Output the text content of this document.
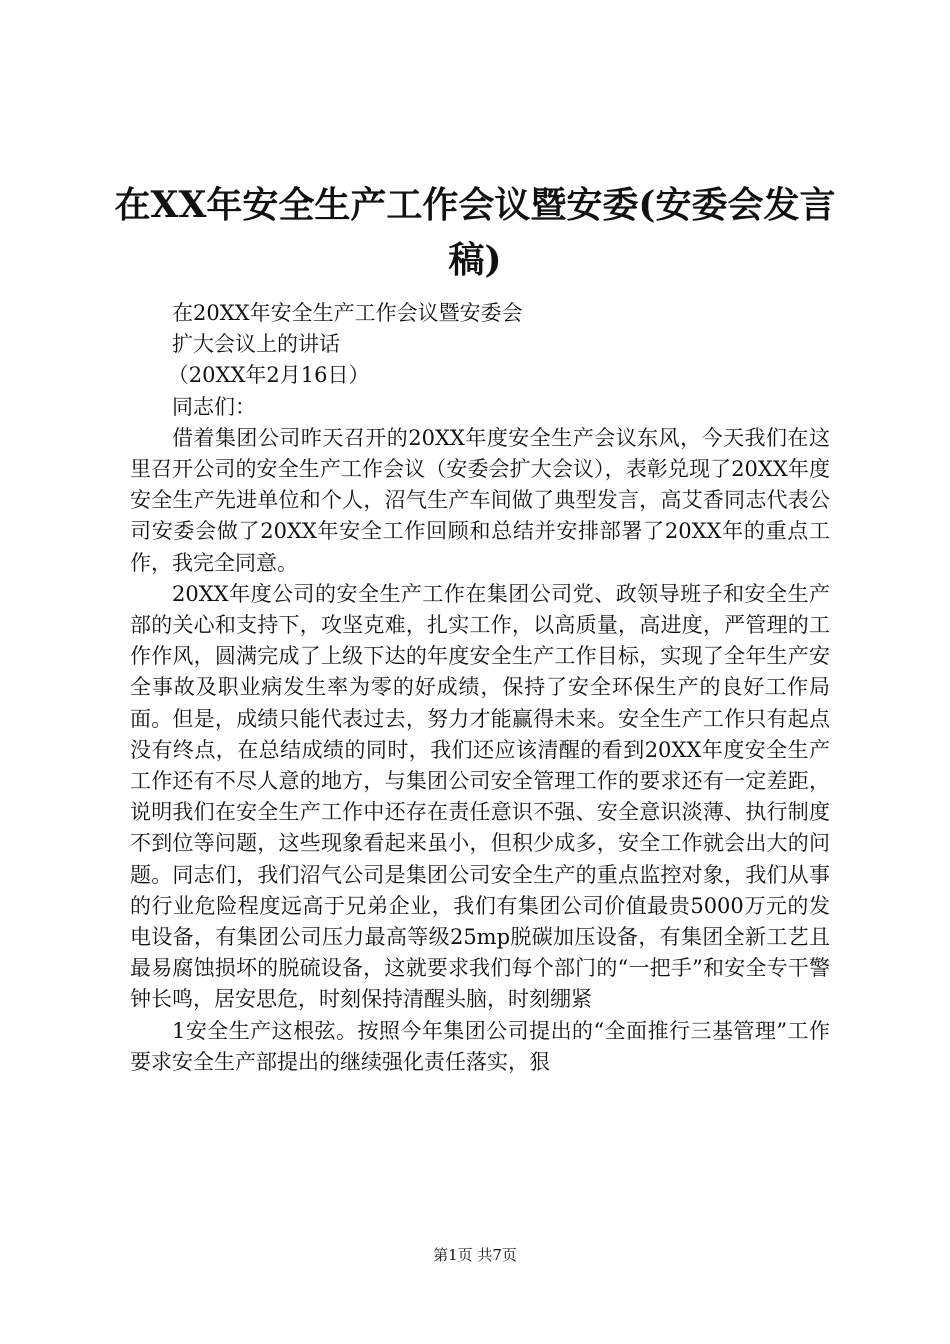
在XX年安全生产工作会议暨安委(安委会发言稿)

在20XX年安全生产工作会议暨安委会

扩大会议上的讲话

（20XX年2月16日）

同志们：

借着集团公司昨天召开的20XX年度安全生产会议东风，今天我们在这里召开公司的安全生产工作会议（安委会扩大会议），表彰兑现了20XX年度安全生产先进单位和个人，沼气生产车间做了典型发言，高艾香同志代表公司安委会做了20XX年安全工作回顾和总结并安排部署了20XX年的重点工作，我完全同意。

20XX年度公司的安全生产工作在集团公司党、政领导班子和安全生产部的关心和支持下，攻坚克难，扎实工作，以高质量，高进度，严管理的工作作风，圆满完成了上级下达的年度安全生产工作目标，实现了全年生产安全事故及职业病发生率为零的好成绩，保持了安全环保生产的良好工作局面。但是，成绩只能代表过去，努力才能赢得未来。安全生产工作只有起点没有终点，在总结成绩的同时，我们还应该清醒的看到20XX年度安全生产工作还有不尽人意的地方，与集团公司安全管理工作的要求还有一定差距，说明我们在安全生产工作中还存在责任意识不强、安全意识淡薄、执行制度不到位等问题，这些现象看起来虽小，但积少成多，安全工作就会出大的问题。同志们，我们沼气公司是集团公司安全生产的重点监控对象，我们从事的行业危险程度远高于兄弟企业，我们有集团公司价值最贵5000万元的发电设备，有集团公司压力最高等级25mp脱碳加压设备，有集团全新工艺且最易腐蚀损坏的脱硫设备，这就要求我们每个部门的“一把手”和安全专干警钟长鸣，居安思危，时刻保持清醒头脑，时刻绷紧

1安全生产这根弦。按照今年集团公司提出的“全面推行三基管理”工作要求安全生产部提出的继续强化责任落实，狠

第1页 共7页
